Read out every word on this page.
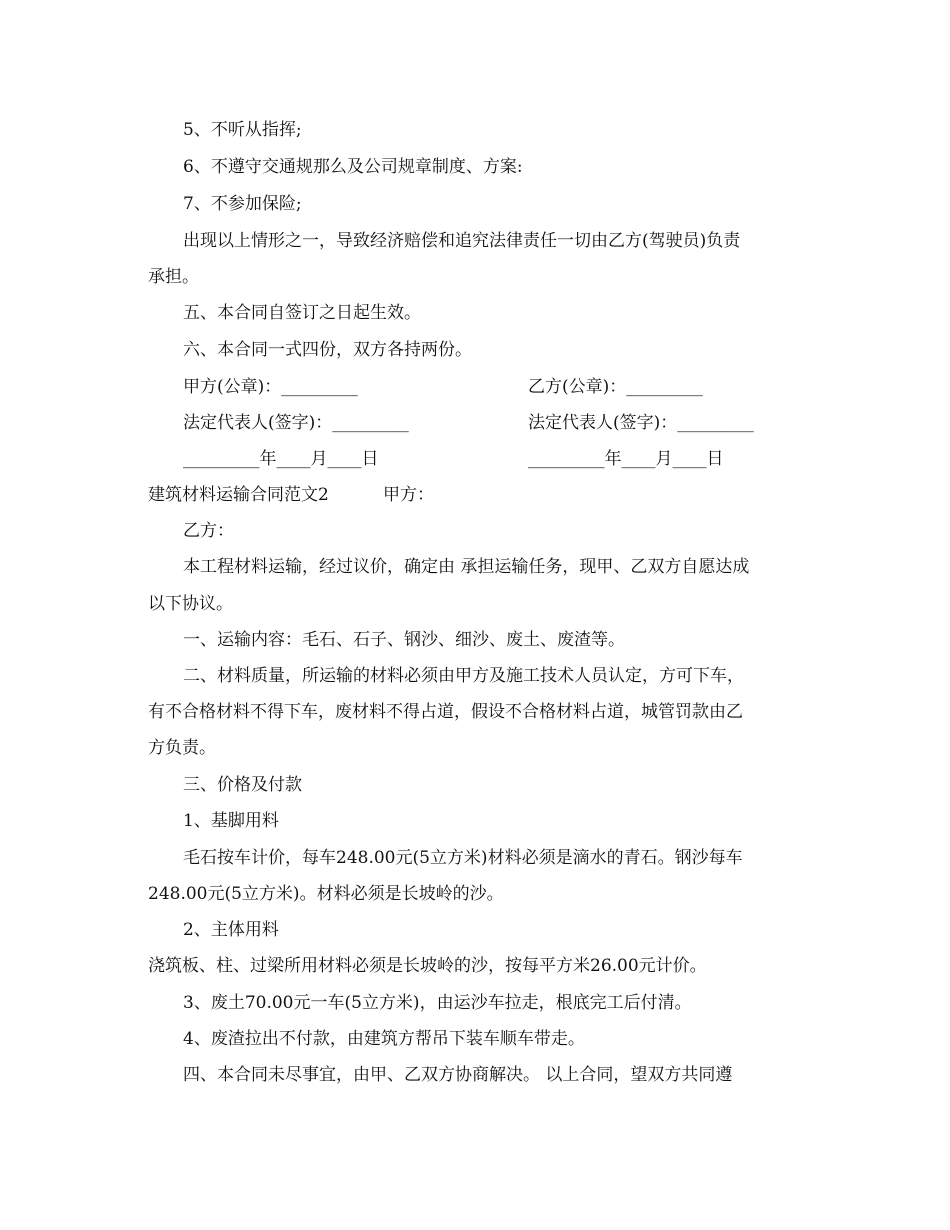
5、不听从指挥;
6、不遵守交通规那么及公司规章制度、方案:
7、不参加保险;
出现以上情形之一，导致经济赔偿和追究法律责任一切由乙方(驾驶员)负责
承担。
五、本合同自签订之日起生效。
六、本合同一式四份，双方各持两份。
甲方(公章)：_________	乙方(公章)：_________
法定代表人(签字)：_________	法定代表人(签字)：_________
_________年____月____日	_________年____月____日
建筑材料运输合同范文2	甲方：
乙方：
本工程材料运输，经过议价，确定由 承担运输任务，现甲、乙双方自愿达成
以下协议。
一、运输内容：毛石、石子、钢沙、细沙、废土、废渣等。
二、材料质量，所运输的材料必须由甲方及施工技术人员认定，方可下车，
有不合格材料不得下车，废材料不得占道，假设不合格材料占道，城管罚款由乙
方负责。
三、价格及付款
1、基脚用料
毛石按车计价，每车248.00元(5立方米)材料必须是滴水的青石。钢沙每车
248.00元(5立方米)。材料必须是长坡岭的沙。
2、主体用料
浇筑板、柱、过梁所用材料必须是长坡岭的沙，按每平方米26.00元计价。
3、废土70.00元一车(5立方米)，由运沙车拉走，根底完工后付清。
4、废渣拉出不付款，由建筑方帮吊下装车顺车带走。
四、本合同未尽事宜，由甲、乙双方协商解决。 以上合同，望双方共同遵
